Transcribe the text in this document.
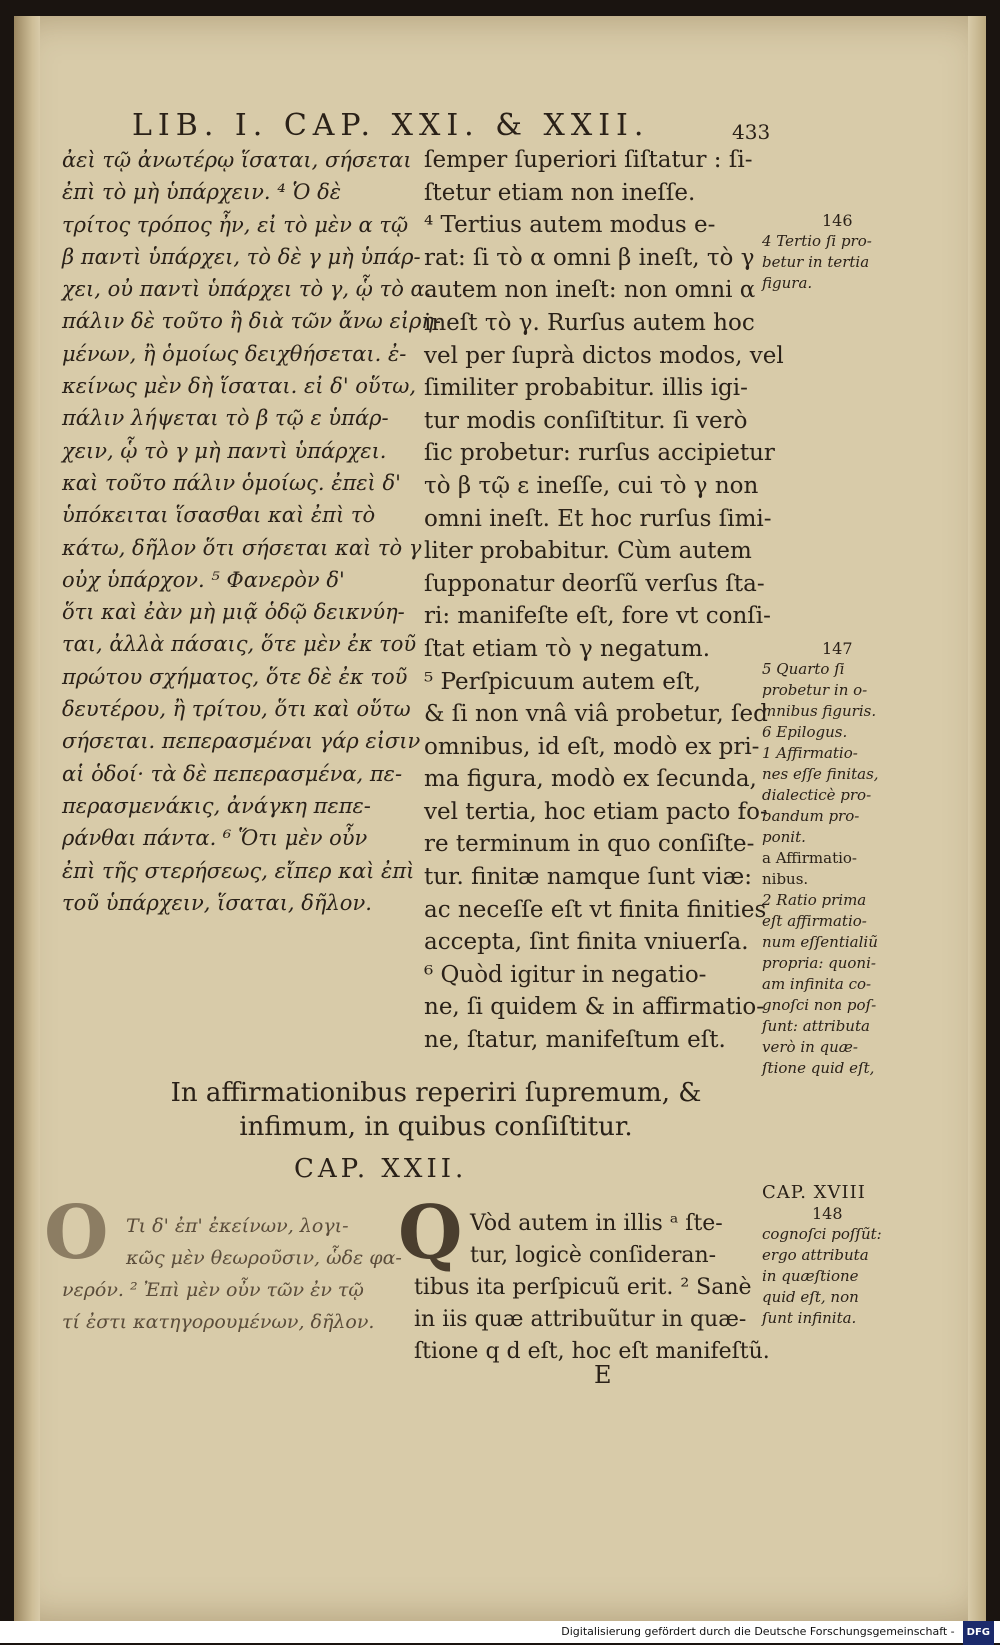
LIB. I. CAP. XXI. & XXII.	433
ἀεὶ τῷ ἀνωτέρῳ ἵσαται, σήσεται
ἐπὶ τὸ μὴ ὑπάρχειν. ⁴ Ὁ δὲ
τρίτος τρόπος ἦν, εἰ τὸ μὲν α τῷ
β παντὶ ὑπάρχει, τὸ δὲ γ μὴ ὑπάρ-
χει, οὐ παντὶ ὑπάρχει τὸ γ, ᾧ τὸ α.
πάλιν δὲ τοῦτο ἢ διὰ τῶν ἄνω εἰρη-
μένων, ἢ ὁμοίως δειχθήσεται. ἐ-
κείνως μὲν δὴ ἵσαται. εἰ δ' οὕτω,
πάλιν λήψεται τὸ β τῷ ε ὑπάρ-
χειν, ᾧ τὸ γ μὴ παντὶ ὑπάρχει.
καὶ τοῦτο πάλιν ὁμοίως. ἐπεὶ δ'
ὑπόκειται ἵσασθαι καὶ ἐπὶ τὸ
κάτω, δῆλον ὅτι σήσεται καὶ τὸ γ
οὐχ ὑπάρχον. ⁵ Φανερὸν δ'
ὅτι καὶ ἐὰν μὴ μιᾷ ὁδῷ δεικνύη-
ται, ἀλλὰ πάσαις, ὅτε μὲν ἐκ τοῦ
πρώτου σχήματος, ὅτε δὲ ἐκ τοῦ
δευτέρου, ἢ τρίτου, ὅτι καὶ οὕτω
σήσεται. πεπερασμέναι γάρ εἰσιν
αἱ ὁδοί· τὰ δὲ πεπερασμένα, πε-
περασμενάκις, ἀνάγκη πεπε-
ράνθαι πάντα. ⁶ Ὅτι μὲν οὖν
ἐπὶ τῆς στερήσεως, εἴπερ καὶ ἐπὶ
τοῦ ὑπάρχειν, ἵσαται, δῆλον.
ſemper ſuperiori ſiſtatur : ſi-
ſtetur etiam non ineſſe.
⁴ Tertius autem modus e-
rat: ſi τὸ α omni β ineſt, τὸ γ
autem non ineſt: non omni α
ineſt τὸ γ. Rurſus autem hoc
vel per ſuprà dictos modos, vel
ſimiliter probabitur. illis igi-
tur modis conſiſtitur. ſi verò
ſic probetur: rurſus accipietur
τὸ β τῷ ε ineſſe, cui τὸ γ non
omni ineſt. Et hoc rurſus ſimi-
liter probabitur. Cùm autem
ſupponatur deorſũ verſus ſta-
ri: manifeſte eſt, fore vt conſi-
ſtat etiam τὸ γ negatum.
⁵ Perſpicuum autem eſt,
& ſi non vnâ viâ probetur, ſed
omnibus, id eſt, modò ex pri-
ma figura, modò ex ſecunda,
vel tertia, hoc etiam pacto fo-
re terminum in quo conſiſte-
tur. finitæ namque ſunt viæ:
ac neceſſe eſt vt finita finities
accepta, ſint finita vniuerſa.
⁶ Quòd igitur in negatio-
ne, ſi quidem & in affirmatio-
ne, ſtatur, manifeſtum eſt.
146
4 Tertio ſi pro-
betur in tertia
figura.
147
5 Quarto ſi
probetur in o-
mnibus figuris.
6 Epilogus.
1 Affirmatio-
nes eſſe finitas,
dialecticè pro-
bandum pro-
ponit.
a Affirmatio-
nibus.
2 Ratio prima
eſt affirmatio-
num eſſentialiũ
propria: quoni-
am infinita co-
gnoſci non poſ-
ſunt: attributa
verò in quæ-
ſtione quid eſt,
CAP. XVIII
148
cognoſci poſſũt:
ergo attributa
in quæſtione
quid eſt, non
ſunt infinita.
In affirmationibus reperiri ſupremum, &
infimum, in quibus conſiſtitur.
CAP. XXII.
O Τι δ' ἐπ' ἐκείνων, λογι-
κῶς μὲν θεωροῦσιν, ὧδε φα-
νερόν. ² Ἐπὶ μὲν οὖν τῶν ἐν τῷ
τί ἐστι κατηγορουμένων, δῆλον.
Q Vòd autem in illis ᵃ ſte-
tur, logicè conſideran-
tibus ita perſpicuũ erit. ² Sanè
in iis quæ attribuũtur in quæ-
ſtione q d eſt, hoc eſt manifeſtũ.
E
Digitalisierung gefördert durch die Deutsche Forschungsgemeinschaft - DFG
